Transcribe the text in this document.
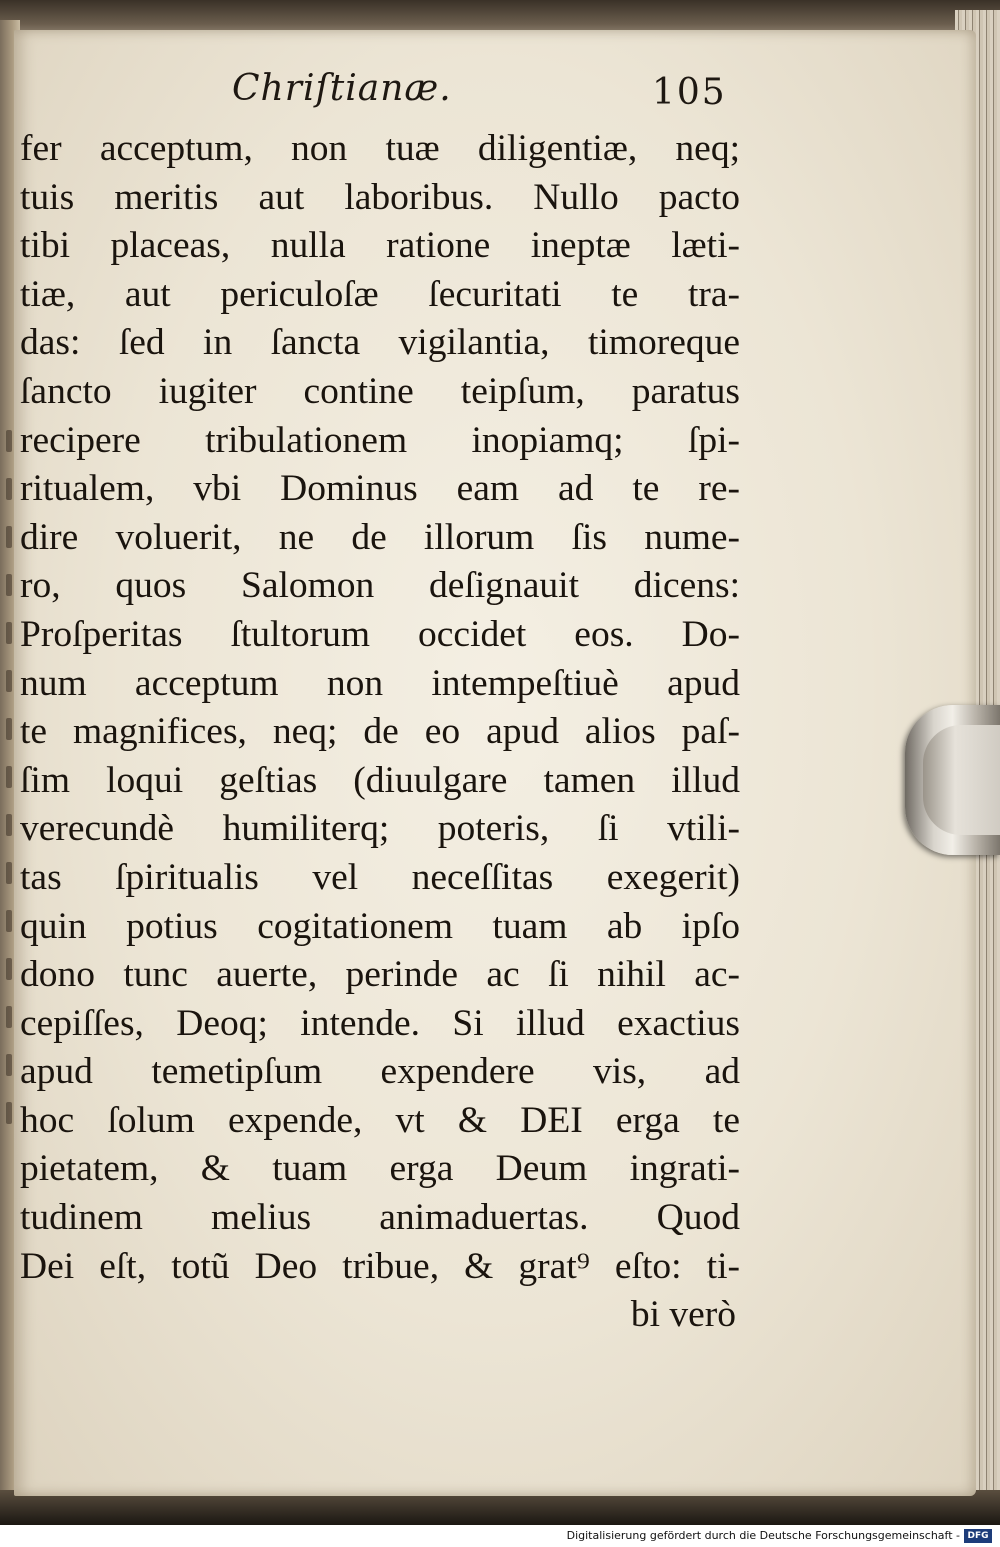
Chriſtianæ.	105
fer acceptum, non tuæ diligentiæ, neq;
tuis meritis aut laboribus. Nullo pacto
tibi placeas, nulla ratione ineptæ læti-
tiæ, aut periculoſæ ſecuritati te tra-
das: ſed in ſancta vigilantia, timoreque
ſancto iugiter contine teipſum, paratus
recipere tribulationem inopiamq; ſpi-
ritualem, vbi Dominus eam ad te re-
dire voluerit, ne de illorum ſis nume-
ro, quos Salomon deſignauit dicens:
Proſperitas ſtultorum occidet eos. Do-
num acceptum non intempeſtiuè apud
te magnifices, neq; de eo apud alios paſ-
ſim loqui geſtias (diuulgare tamen illud
verecundè humiliterq; poteris, ſi vtili-
tas ſpiritualis vel neceſſitas exegerit)
quin potius cogitationem tuam ab ipſo
dono tunc auerte, perinde ac ſi nihil ac-
cepiſſes, Deoq; intende. Si illud exactius
apud temetipſum expendere vis, ad
hoc ſolum expende, vt & DEI erga te
pietatem, & tuam erga Deum ingrati-
tudinem melius animaduertas. Quod
Dei eſt, totũ Deo tribue, & grat⁹ eſto: ti-
bi verò
Digitalisierung gefördert durch die Deutsche Forschungsgemeinschaft - DFG
